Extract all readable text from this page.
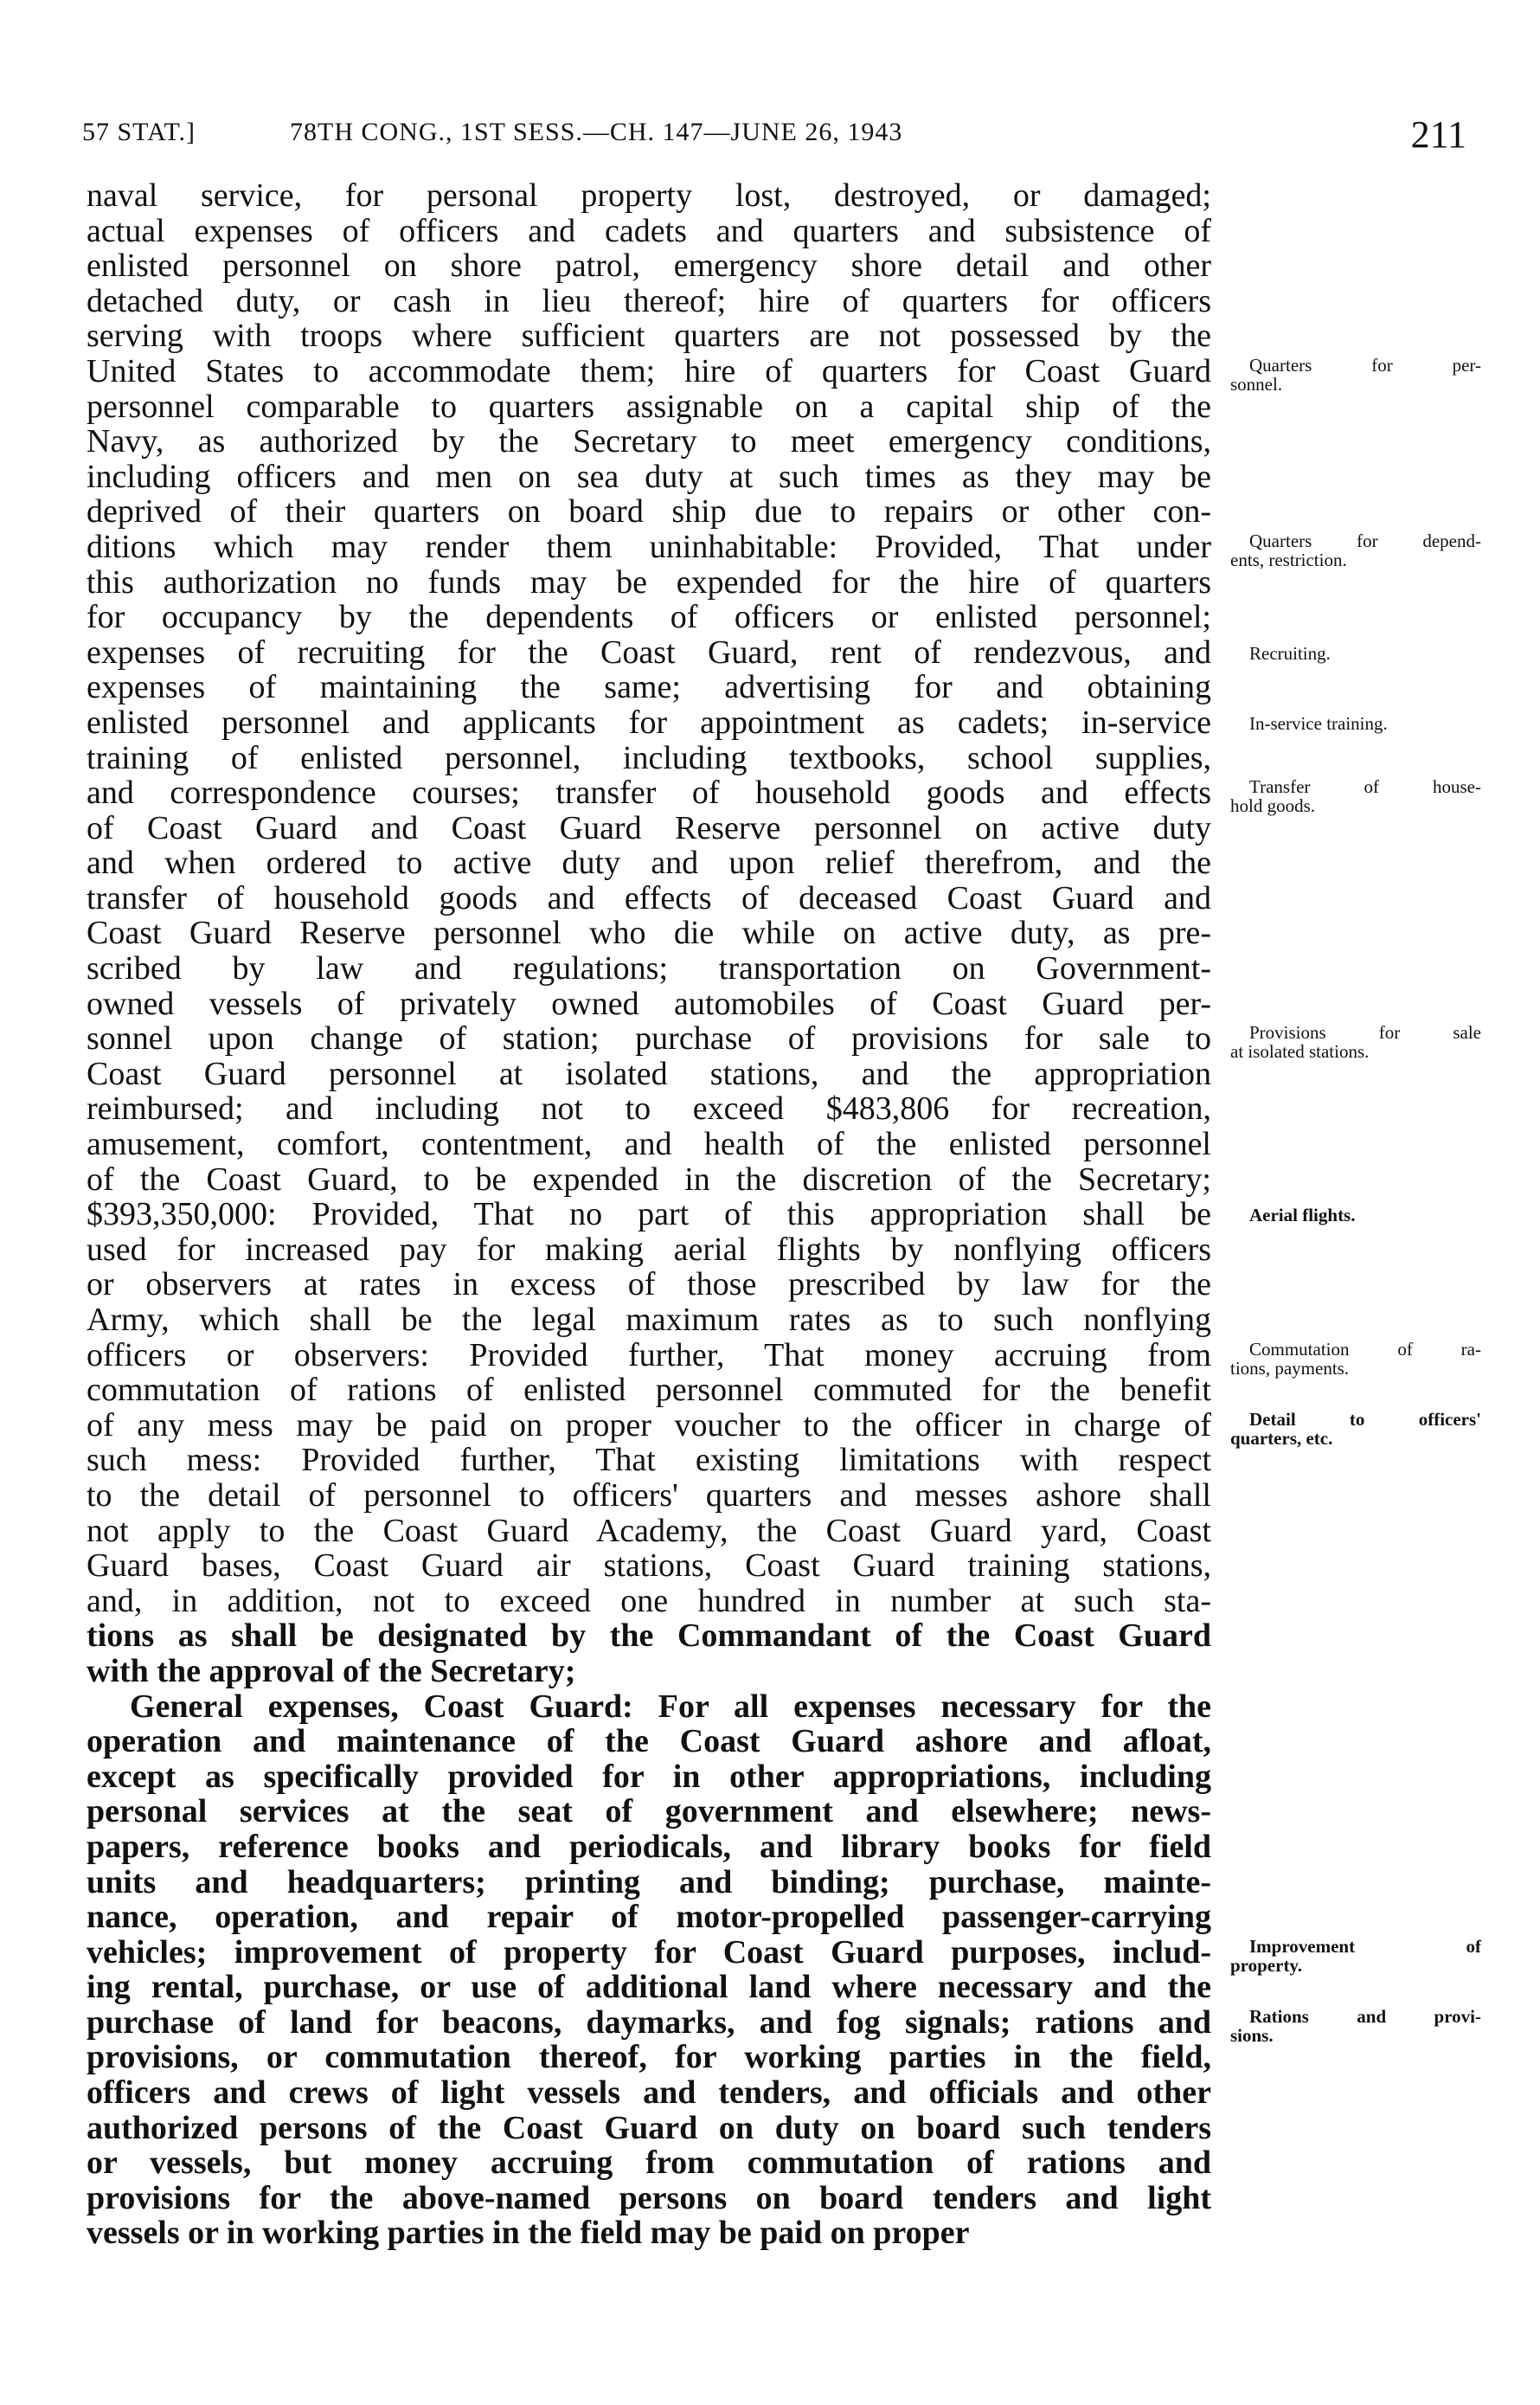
57 STAT.]	78TH CONG., 1ST SESS.—CH. 147—JUNE 26, 1943	211
naval service, for personal property lost, destroyed, or damaged;
actual expenses of officers and cadets and quarters and subsistence of
enlisted personnel on shore patrol, emergency shore detail and other
detached duty, or cash in lieu thereof; hire of quarters for officers
serving with troops where sufficient quarters are not possessed by the
United States to accommodate them; hire of quarters for Coast Guard
personnel comparable to quarters assignable on a capital ship of the
Navy, as authorized by the Secretary to meet emergency conditions,
including officers and men on sea duty at such times as they may be
deprived of their quarters on board ship due to repairs or other con-
ditions which may render them uninhabitable: Provided, That under
this authorization no funds may be expended for the hire of quarters
for occupancy by the dependents of officers or enlisted personnel;
expenses of recruiting for the Coast Guard, rent of rendezvous, and
expenses of maintaining the same; advertising for and obtaining
enlisted personnel and applicants for appointment as cadets; in-service
training of enlisted personnel, including textbooks, school supplies,
and correspondence courses; transfer of household goods and effects
of Coast Guard and Coast Guard Reserve personnel on active duty
and when ordered to active duty and upon relief therefrom, and the
transfer of household goods and effects of deceased Coast Guard and
Coast Guard Reserve personnel who die while on active duty, as pre-
scribed by law and regulations; transportation on Government-
owned vessels of privately owned automobiles of Coast Guard per-
sonnel upon change of station; purchase of provisions for sale to
Coast Guard personnel at isolated stations, and the appropriation
reimbursed; and including not to exceed $483,806 for recreation,
amusement, comfort, contentment, and health of the enlisted personnel
of the Coast Guard, to be expended in the discretion of the Secretary;
$393,350,000: Provided, That no part of this appropriation shall be
used for increased pay for making aerial flights by nonflying officers
or observers at rates in excess of those prescribed by law for the
Army, which shall be the legal maximum rates as to such nonflying
officers or observers: Provided further, That money accruing from
commutation of rations of enlisted personnel commuted for the benefit
of any mess may be paid on proper voucher to the officer in charge of
such mess: Provided further, That existing limitations with respect
to the detail of personnel to officers' quarters and messes ashore shall
not apply to the Coast Guard Academy, the Coast Guard yard, Coast
Guard bases, Coast Guard air stations, Coast Guard training stations,
and, in addition, not to exceed one hundred in number at such sta-
tions as shall be designated by the Commandant of the Coast Guard
with the approval of the Secretary;
General expenses, Coast Guard: For all expenses necessary for the
operation and maintenance of the Coast Guard ashore and afloat,
except as specifically provided for in other appropriations, including
personal services at the seat of government and elsewhere; news-
papers, reference books and periodicals, and library books for field
units and headquarters; printing and binding; purchase, mainte-
nance, operation, and repair of motor-propelled passenger-carrying
vehicles; improvement of property for Coast Guard purposes, includ-
ing rental, purchase, or use of additional land where necessary and the
purchase of land for beacons, daymarks, and fog signals; rations and
provisions, or commutation thereof, for working parties in the field,
officers and crews of light vessels and tenders, and officials and other
authorized persons of the Coast Guard on duty on board such tenders
or vessels, but money accruing from commutation of rations and
provisions for the above-named persons on board tenders and light
vessels or in working parties in the field may be paid on proper
Quarters for per-
sonnel.
Quarters for depend-
ents, restriction.
Recruiting.
In-service training.
Transfer of house-
hold goods.
Provisions for sale
at isolated stations.
Aerial flights.
Commutation of ra-
tions, payments.
Detail to officers'
quarters, etc.
Improvement of
property.
Rations and provi-
sions.
